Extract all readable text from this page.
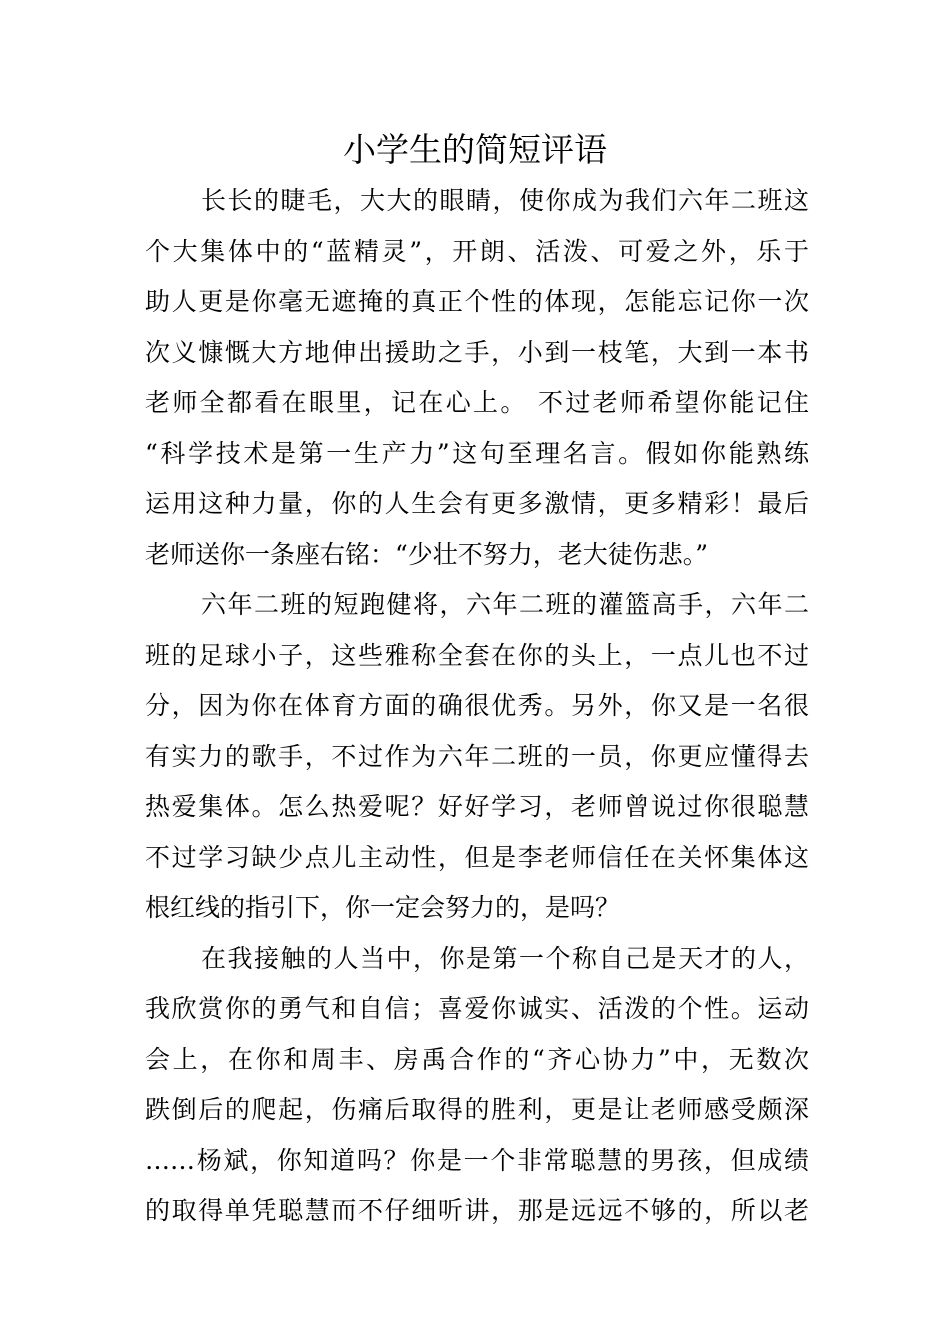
小学生的简短评语
长长的睫毛，大大的眼睛，使你成为我们六年二班这
个大集体中的“蓝精灵”，开朗、活泼、可爱之外，乐于
助人更是你毫无遮掩的真正个性的体现，怎能忘记你一次
次义慷慨大方地伸出援助之手，小到一枝笔，大到一本书
老师全都看在眼里，记在心上。 不过老师希望你能记住
“科学技术是第一生产力”这句至理名言。假如你能熟练
运用这种力量，你的人生会有更多激情，更多精彩！最后
老师送你一条座右铭：“少壮不努力，老大徒伤悲。”
六年二班的短跑健将，六年二班的灌篮高手，六年二
班的足球小子，这些雅称全套在你的头上，一点儿也不过
分，因为你在体育方面的确很优秀。另外，你又是一名很
有实力的歌手，不过作为六年二班的一员，你更应懂得去
热爱集体。怎么热爱呢？好好学习，老师曾说过你很聪慧
不过学习缺少点儿主动性，但是李老师信任在关怀集体这
根红线的指引下，你一定会努力的，是吗？
在我接触的人当中，你是第一个称自己是天才的人，
我欣赏你的勇气和自信；喜爱你诚实、活泼的个性。运动
会上，在你和周丰、房禹合作的“齐心协力”中，无数次
跌倒后的爬起，伤痛后取得的胜利，更是让老师感受颇深
……杨斌，你知道吗？你是一个非常聪慧的男孩，但成绩
的取得单凭聪慧而不仔细听讲，那是远远不够的，所以老
